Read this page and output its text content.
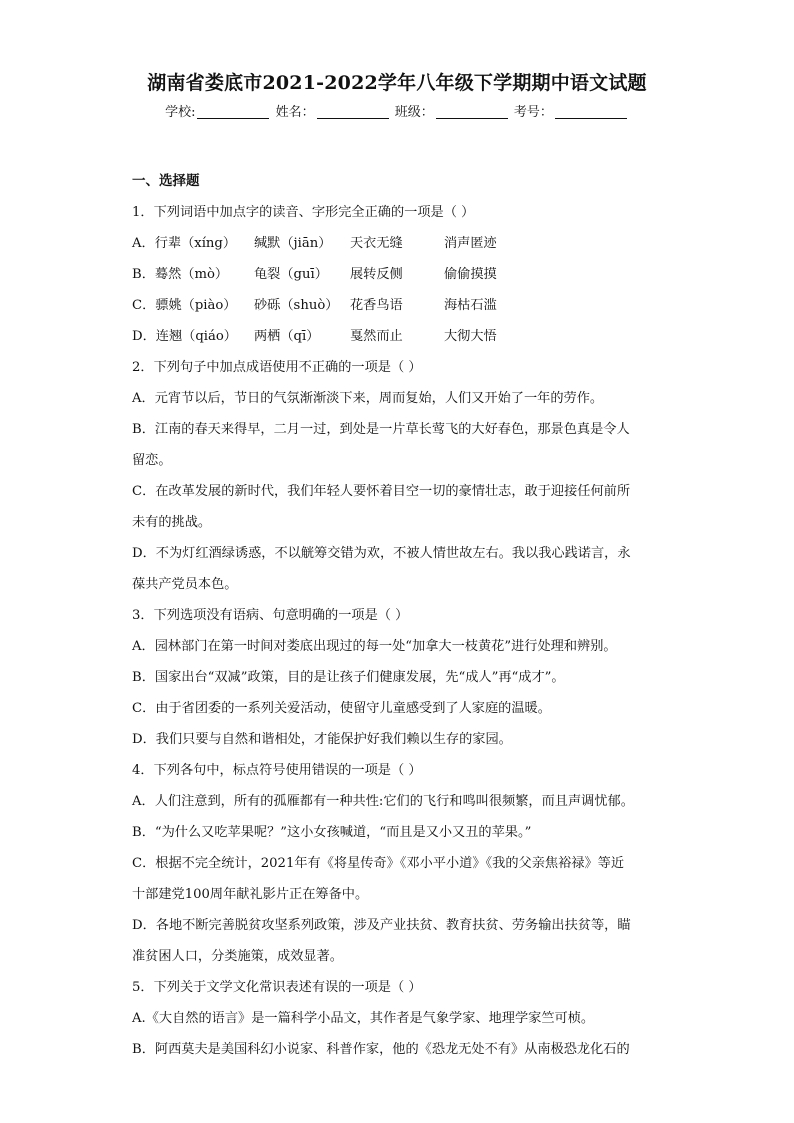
湖南省娄底市2021-2022学年八年级下学期期中语文试题
学校:	姓名：	班级：	考号：
一、选择题
1．下列词语中加点字的读音、字形完全正确的一项是（ ）
A．行辈（xíng） 缄默（jiān） 天衣无缝	消声匿迹
B．蓦然（mò） 龟裂（guī） 展转反侧	偷偷摸摸
C．骠姚（piào） 砂砾（shuò） 花香鸟语	海枯石滥
D．连翘（qiáo） 两栖（qī） 戛然而止	大彻大悟
2．下列句子中加点成语使用不正确的一项是（ ）
A．元宵节以后，节日的气氛渐渐淡下来，周而复始，人们又开始了一年的劳作。
B．江南的春天来得早，二月一过，到处是一片草长莺飞的大好春色，那景色真是令人
留恋。
C．在改革发展的新时代，我们年轻人要怀着目空一切的豪情壮志，敢于迎接任何前所
未有的挑战。
D．不为灯红酒绿诱惑，不以觥筹交错为欢，不被人情世故左右。我以我心践诺言，永
葆共产党员本色。
3．下列选项没有语病、句意明确的一项是（ ）
A．园林部门在第一时间对娄底出现过的每一处“加拿大一枝黄花”进行处理和辨别。
B．国家出台“双减”政策，目的是让孩子们健康发展，先“成人”再“成才”。
C．由于省团委的一系列关爱活动，使留守儿童感受到了人家庭的温暖。
D．我们只要与自然和谐相处，才能保护好我们赖以生存的家园。
4．下列各句中，标点符号使用错误的一项是（ ）
A．人们注意到，所有的孤雁都有一种共性:它们的飞行和鸣叫很频繁，而且声调忧郁。
B．“为什么又吃苹果呢？”这小女孩喊道，“而且是又小又丑的苹果。”
C．根据不完全统计，2021年有《将星传奇》《邓小平小道》《我的父亲焦裕禄》等近
十部建党100周年献礼影片正在筹备中。
D．各地不断完善脱贫攻坚系列政策，涉及产业扶贫、教育扶贫、劳务输出扶贫等，瞄
准贫困人口，分类施策，成效显著。
5．下列关于文学文化常识表述有误的一项是（ ）
A.《大自然的语言》是一篇科学小品文，其作者是气象学家、地理学家竺可桢。
B．阿西莫夫是美国科幻小说家、科普作家，他的《恐龙无处不有》从南极恐龙化石的
